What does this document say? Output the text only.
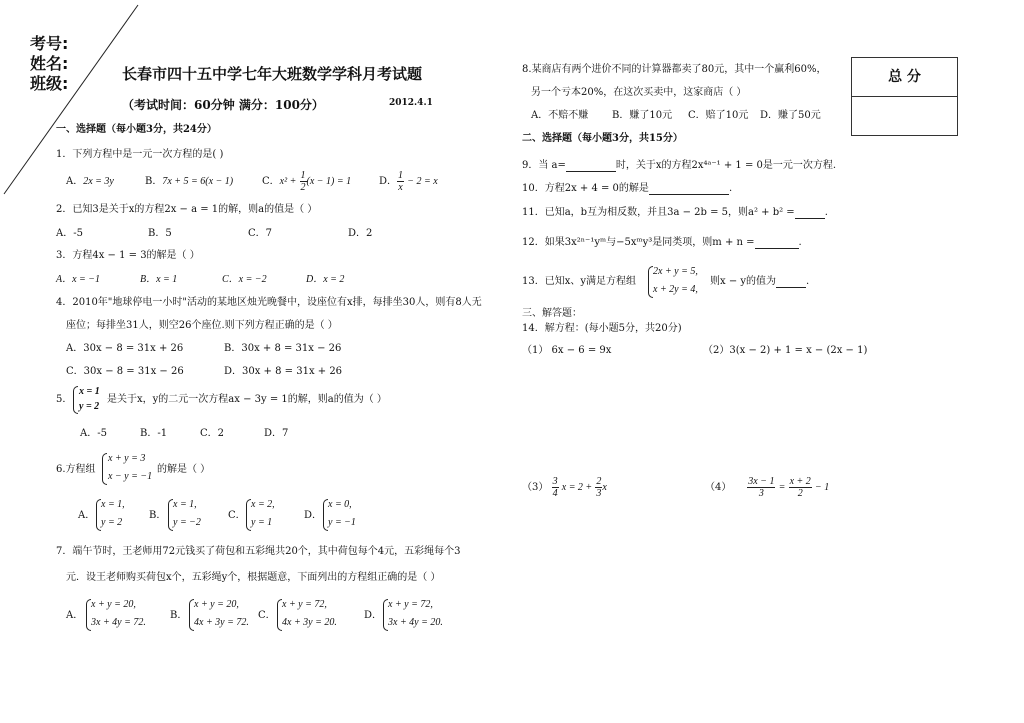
考号:
姓名:
班级:	长春市四十五中学七年大班数学学科月考试题
（考试时间：60分钟 满分：100分）	2012.4.1
总 分
一、选择题（每小题3分，共24分）
1．下列方程中是一元一次方程的是( )
A．2x = 3y	B．7x + 5 = 6(x − 1)	C．$x^2 + \frac{1}{2} (x - 1) = 1$	D． $\frac{1}{x} - 2 = x$
2．已知3是关于x的方程2x − a = 1的解，则a的值是（ ）
A．-5	B．5	C．7	D．2
3．方程4x − 1 = 3的解是（ ）
A．x = −1	B．x = 1	C．x = −2	D．x = 2
4．2010年"地球停电一小时"活动的某地区烛光晚餐中，设座位有x排，每排坐30人，则有8人无
座位；每排坐31人，则空26个座位.则下列方程正确的是（ ）
A．30x − 8 = 31x + 26	B．30x + 8 = 31x − 26
C．30x − 8 = 31x − 26	D．30x + 8 = 31x + 26
5．
x = 1
y = 2
是关于x，y的二元一次方程ax − 3y = 1的解，则a的值为（ ）
A．-5	B．-1	C．2	D．7
6.方程组
x + y = 3
x − y = −1
的解是（ ）
A．
x = 1,
y = 2
B．
x = 1,
y = −2
C．
x = 2,
y = 1
D．
x = 0,
y = −1
7．端午节时，王老师用72元钱买了荷包和五彩绳共20个，其中荷包每个4元，五彩绳每个3
元．设王老师购买荷包x个，五彩绳y个，根据题意，下面列出的方程组正确的是（ ）
A．
x + y = 20,
3x + 4y = 72.
B．
x + y = 20,
4x + 3y = 72.
C．
x + y = 72,
4x + 3y = 20.
D．
x + y = 72,
3x + 4y = 20.
8.某商店有两个进价不同的计算器都卖了80元，其中一个赢利60%，
另一个亏本20%，在这次买卖中，这家商店（ ）
A．不赔不赚 B．赚了10元 C．赔了10元 D．赚了50元
二、选择题（每小题3分，共15分）
9．当 a=	时，关于x的方程2x⁴ᵃ⁻¹ + 1 = 0是一元一次方程.
10．方程2x + 4 = 0的解是	.
11．已知a，b互为相反数，并且3a − 2b = 5，则a² + b² =	.
12．如果3x²ⁿ⁻¹yᵐ与−5xᵐy³是同类项，则m + n =	.
13．已知x、y满足方程组
2x + y = 5,
x + 2y = 4,
则x − y的值为	.
三、解答题：
14．解方程：(每小题5分，共20分)
（1） 6x − 6 = 9x	（2）3(x − 2) + 1 = x − (2x − 1)
$(3) \frac{3}{4}$ $x = 2 + \frac{2}{3}$ x	$(4) \frac{3x - 1}{3} = \frac{x + 2}{2} - 1$
